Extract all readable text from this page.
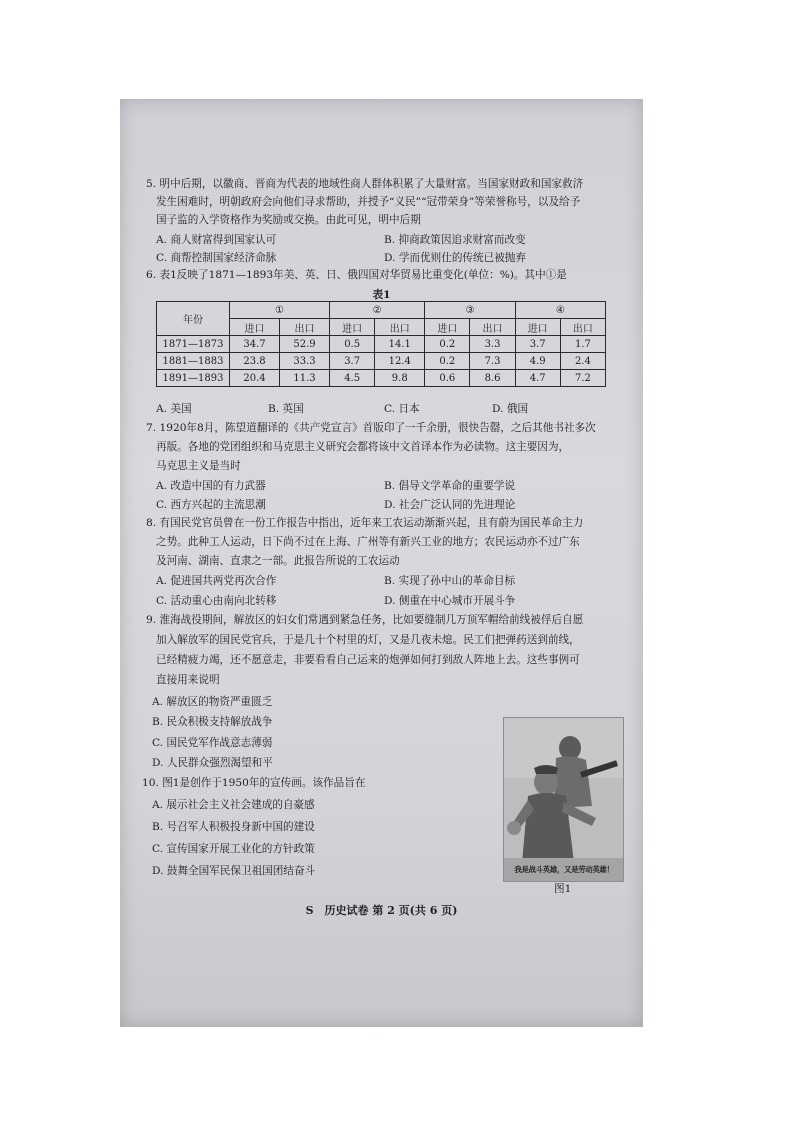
5. 明中后期，以徽商、晋商为代表的地域性商人群体积累了大量财富。当国家财政和国家救济
发生困难时，明朝政府会向他们寻求帮助，并授予“义民”“冠带荣身”等荣誉称号，以及给予
国子监的入学资格作为奖励或交换。由此可见，明中后期
A. 商人财富得到国家认可	B. 抑商政策因追求财富而改变
C. 商帮控制国家经济命脉	D. 学而优则仕的传统已被抛弃
6. 表1反映了1871—1893年美、英、日、俄四国对华贸易比重变化(单位：%)。其中①是
表1
年份	①		②		③		④	
	进口	出口	进口	出口	进口	出口	进口	出口
1871—1873	34.7	52.9	0.5	14.1	0.2	3.3	3.7	1.7
1881—1883	23.8	33.3	3.7	12.4	0.2	7.3	4.9	2.4
1891—1893	20.4	11.3	4.5	9.8	0.6	8.6	4.7	7.2
A. 美国	B. 英国	C. 日本	D. 俄国
7. 1920年8月，陈望道翻译的《共产党宣言》首版印了一千余册，很快告罄，之后其他书社多次
再版。各地的党团组织和马克思主义研究会都将该中文首译本作为必读物。这主要因为，
马克思主义是当时
A. 改造中国的有力武器	B. 倡导文学革命的重要学说
C. 西方兴起的主流思潮	D. 社会广泛认同的先进理论
8. 有国民党官员曾在一份工作报告中指出，近年来工农运动渐渐兴起，且有蔚为国民革命主力
之势。此种工人运动，日下尚不过在上海、广州等有新兴工业的地方；农民运动亦不过广东
及河南、湖南、直隶之一部。此报告所说的工农运动
A. 促进国共两党再次合作	B. 实现了孙中山的革命目标
C. 活动重心由南向北转移	D. 侧重在中心城市开展斗争
9. 淮海战役期间，解放区的妇女们常遇到紧急任务，比如要缝制几万顶军帽给前线被俘后自愿
加入解放军的国民党官兵，于是几十个村里的灯，又是几夜未熄。民工们把弹药送到前线，
已经精疲力竭，还不愿意走，非要看看自己运来的炮弹如何打到敌人阵地上去。这些事例可
直接用来说明
A. 解放区的物资严重匮乏
B. 民众积极支持解放战争
C. 国民党军作战意志薄弱
D. 人民群众强烈渴望和平
10. 图1是创作于1950年的宣传画。该作品旨在
A. 展示社会主义社会建成的自豪感
B. 号召军人积极投身新中国的建设
C. 宣传国家开展工业化的方针政策
D. 鼓舞全国军民保卫祖国团结奋斗	我是战斗英雄，又是劳动英雄！
图1
S　历史试卷 第 2 页(共 6 页)
